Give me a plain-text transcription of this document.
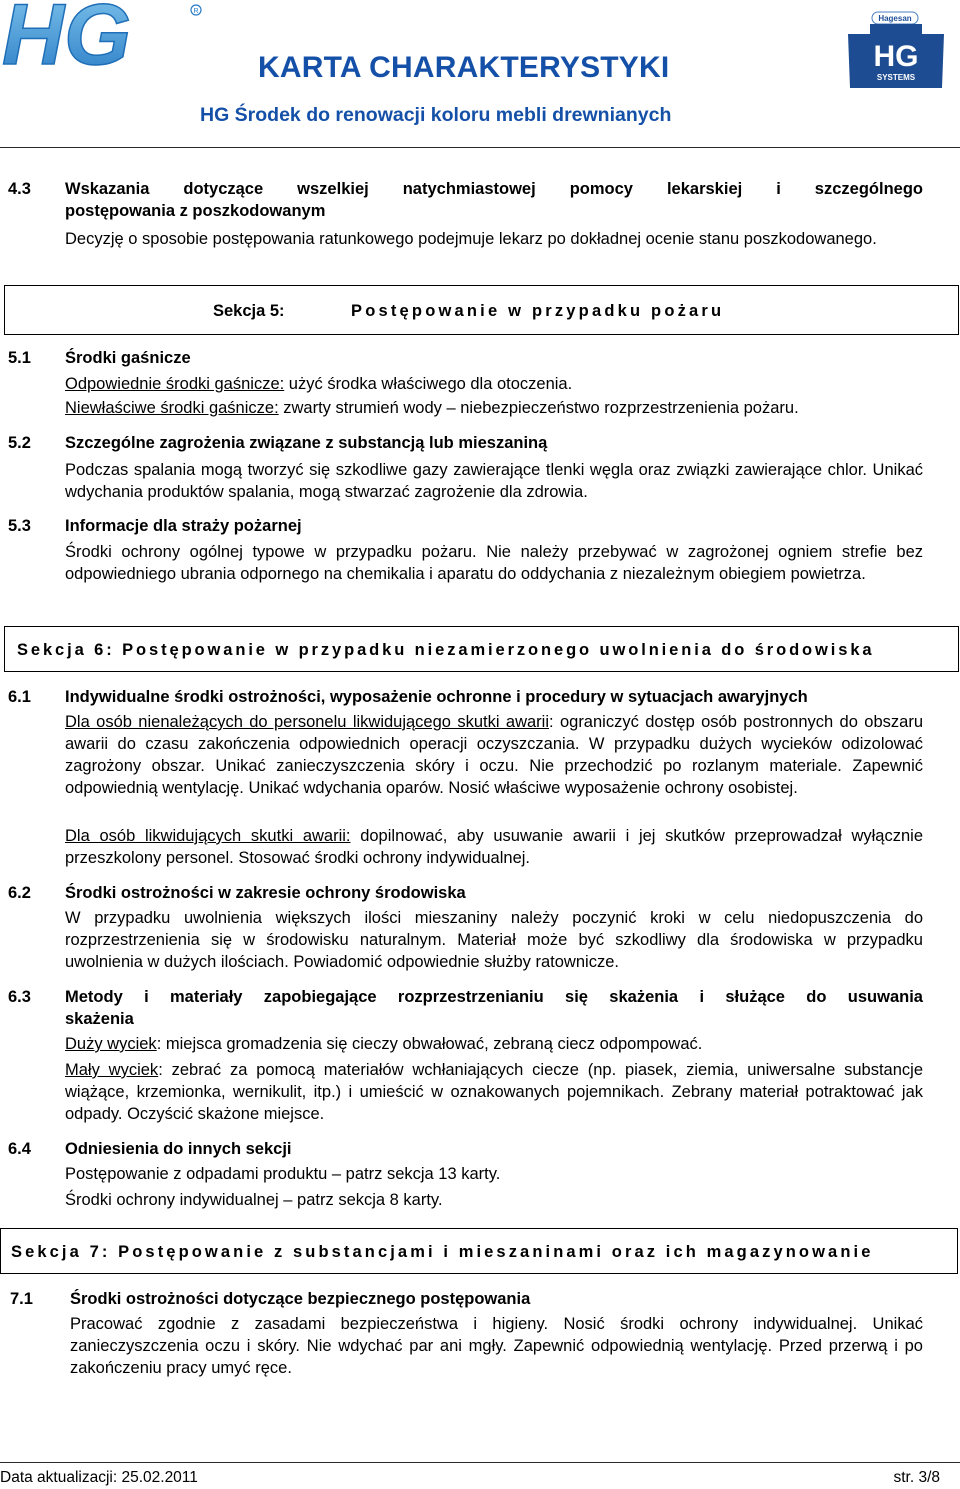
HG	R
Hagesan
HG
SYSTEMS
KARTA CHARAKTERYSTYKI
HG Środek do renowacji koloru mebli drewnianych
4.3 Wskazania dotyczące wszelkiej natychmiastowej pomocy lekarskiej i szczególnego
postępowania z poszkodowanym
Decyzję o sposobie postępowania ratunkowego podejmuje lekarz po dokładnej ocenie stanu poszkodowanego.
Sekcja 5:	Postępowanie w przypadku pożaru
5.1 Środki gaśnicze
Odpowiednie środki gaśnicze: użyć środka właściwego dla otoczenia.
Niewłaściwe środki gaśnicze: zwarty strumień wody – niebezpieczeństwo rozprzestrzenienia pożaru.
5.2 Szczególne zagrożenia związane z substancją lub mieszaniną
Podczas spalania mogą tworzyć się szkodliwe gazy zawierające tlenki węgla oraz związki zawierające chlor. Unikać wdychania produktów spalania, mogą stwarzać zagrożenie dla zdrowia.
5.3 Informacje dla straży pożarnej
Środki ochrony ogólnej typowe w przypadku pożaru. Nie należy przebywać w zagrożonej ogniem strefie bez odpowiedniego ubrania odpornego na chemikalia i aparatu do oddychania z niezależnym obiegiem powietrza.
Sekcja 6: Postępowanie w przypadku niezamierzonego uwolnienia do środowiska
6.1 Indywidualne środki ostrożności, wyposażenie ochronne i procedury w sytuacjach awaryjnych
Dla osób nienależących do personelu likwidującego skutki awarii: ograniczyć dostęp osób postronnych do obszaru awarii do czasu zakończenia odpowiednich operacji oczyszczania. W przypadku dużych wycieków odizolować zagrożony obszar. Unikać zanieczyszczenia skóry i oczu. Nie przechodzić po rozlanym materiale. Zapewnić odpowiednią wentylację. Unikać wdychania oparów. Nosić właściwe wyposażenie ochrony osobistej.
Dla osób likwidujących skutki awarii: dopilnować, aby usuwanie awarii i jej skutków przeprowadzał wyłącznie przeszkolony personel. Stosować środki ochrony indywidualnej.
6.2 Środki ostrożności w zakresie ochrony środowiska
W przypadku uwolnienia większych ilości mieszaniny należy poczynić kroki w celu niedopuszczenia do rozprzestrzenienia się w środowisku naturalnym. Materiał może być szkodliwy dla środowiska w przypadku uwolnienia w dużych ilościach. Powiadomić odpowiednie służby ratownicze.
6.3 Metody i materiały zapobiegające rozprzestrzenianiu się skażenia i służące do usuwania
skażenia
Duży wyciek: miejsca gromadzenia się cieczy obwałować, zebraną ciecz odpompować.
Mały wyciek: zebrać za pomocą materiałów wchłaniających ciecze (np. piasek, ziemia, uniwersalne substancje wiążące, krzemionka, wernikulit, itp.) i umieścić w oznakowanych pojemnikach. Zebrany materiał potraktować jak odpady. Oczyścić skażone miejsce.
6.4 Odniesienia do innych sekcji
Postępowanie z odpadami produktu – patrz sekcja 13 karty.
Środki ochrony indywidualnej – patrz sekcja 8 karty.
Sekcja 7: Postępowanie z substancjami i mieszaninami oraz ich magazynowanie
7.1 Środki ostrożności dotyczące bezpiecznego postępowania
Pracować zgodnie z zasadami bezpieczeństwa i higieny. Nosić środki ochrony indywidualnej. Unikać zanieczyszczenia oczu i skóry. Nie wdychać par ani mgły. Zapewnić odpowiednią wentylację. Przed przerwą i po zakończeniu pracy umyć ręce.
Data aktualizacji: 25.02.2011	str. 3/8
